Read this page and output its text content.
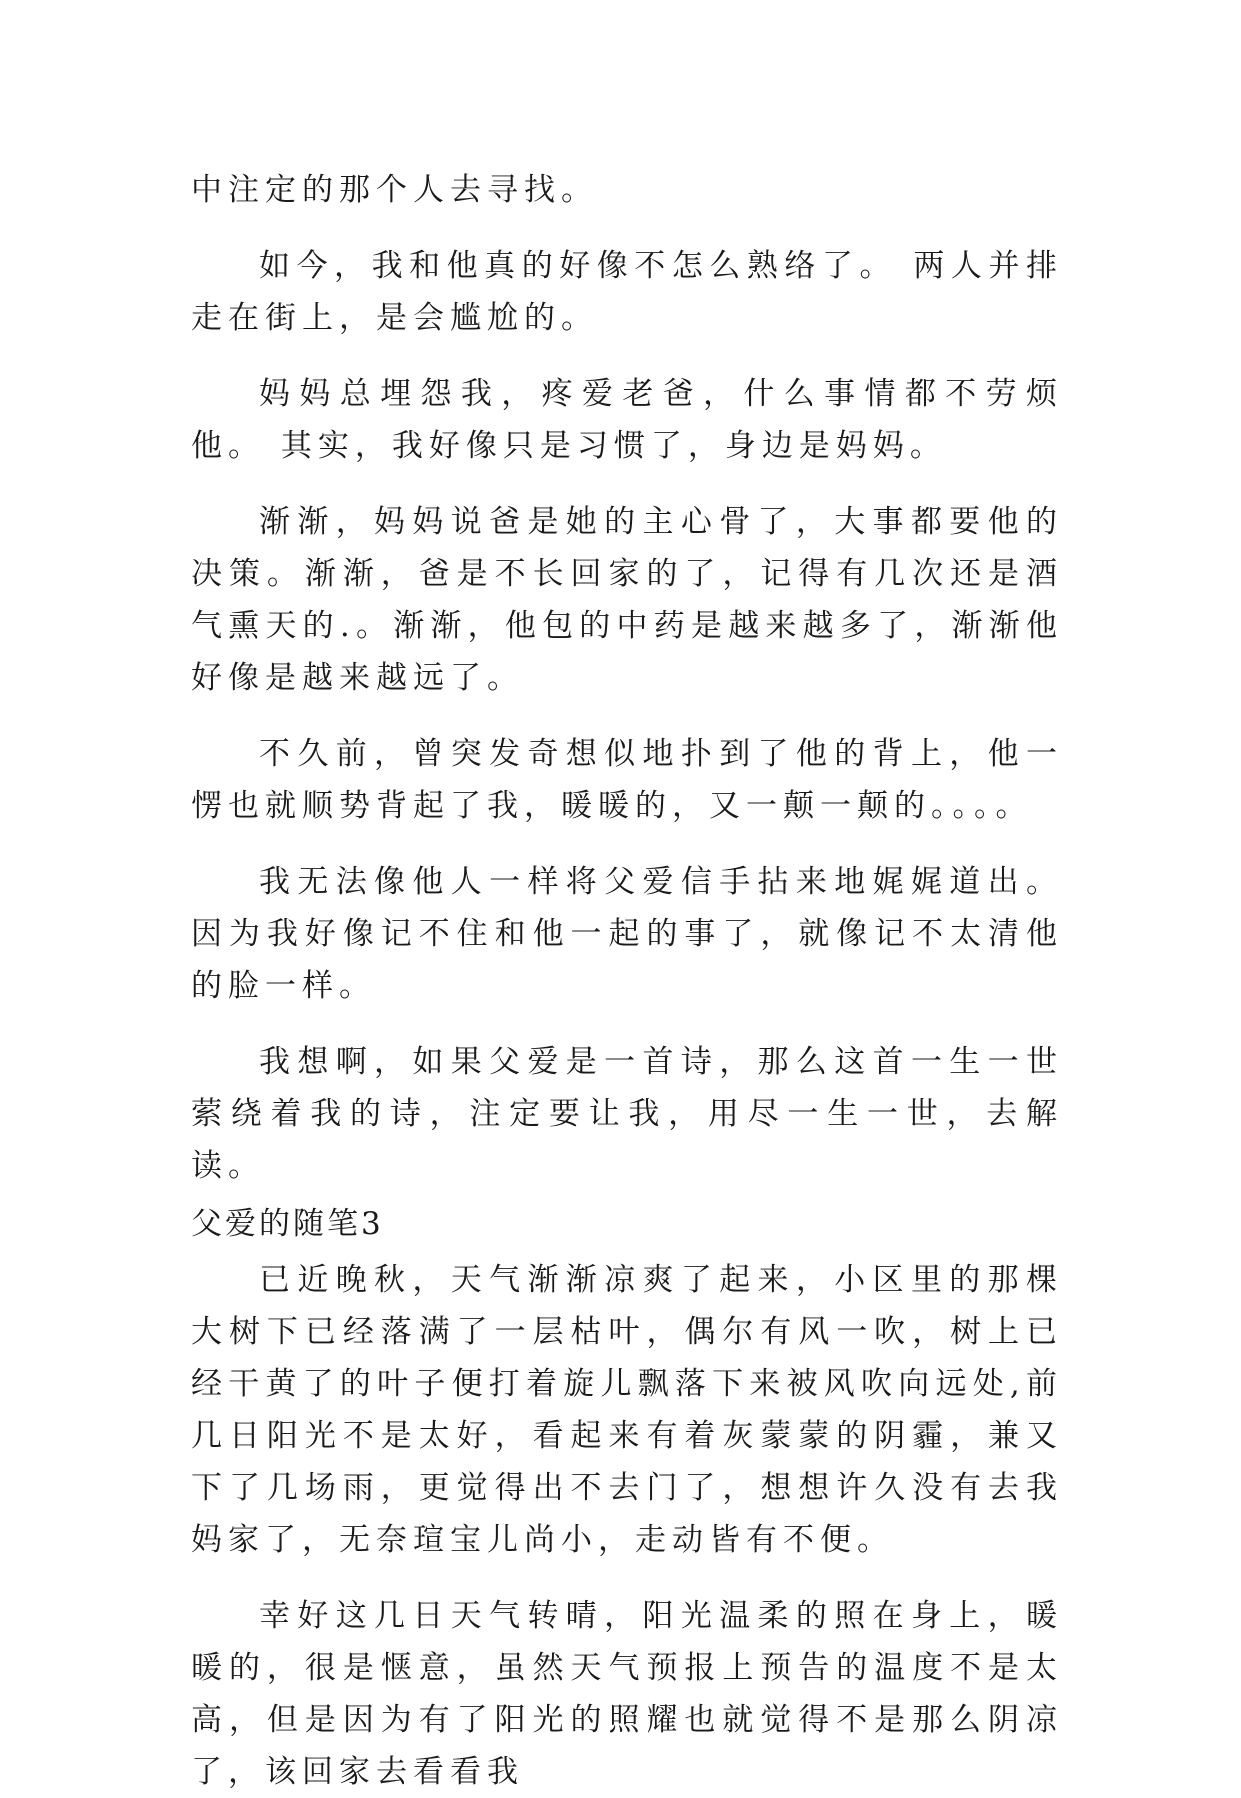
中注定的那个人去寻找。

如今，我和他真的好像不怎么熟络了。 两人并排走在街上，是会尴尬的。

妈妈总埋怨我，疼爱老爸，什么事情都不劳烦他。 其实，我好像只是习惯了，身边是妈妈。

渐渐，妈妈说爸是她的主心骨了，大事都要他的决策。渐渐，爸是不长回家的了，记得有几次还是酒气熏天的.。渐渐，他包的中药是越来越多了，渐渐他好像是越来越远了。

不久前，曾突发奇想似地扑到了他的背上，他一愣也就顺势背起了我，暖暖的，又一颠一颠的。。。。

我无法像他人一样将父爱信手拈来地娓娓道出。因为我好像记不住和他一起的事了，就像记不太清他的脸一样。

我想啊，如果父爱是一首诗，那么这首一生一世萦绕着我的诗，注定要让我，用尽一生一世，去解读。

父爱的随笔3

已近晚秋，天气渐渐凉爽了起来，小区里的那棵大树下已经落满了一层枯叶，偶尔有风一吹，树上已经干黄了的叶子便打着旋儿飘落下来被风吹向远处,前几日阳光不是太好，看起来有着灰蒙蒙的阴霾，兼又下了几场雨，更觉得出不去门了，想想许久没有去我妈家了，无奈瑄宝儿尚小，走动皆有不便。

幸好这几日天气转晴，阳光温柔的照在身上，暖暖的，很是惬意，虽然天气预报上预告的温度不是太高，但是因为有了阳光的照耀也就觉得不是那么阴凉了，该回家去看看我
